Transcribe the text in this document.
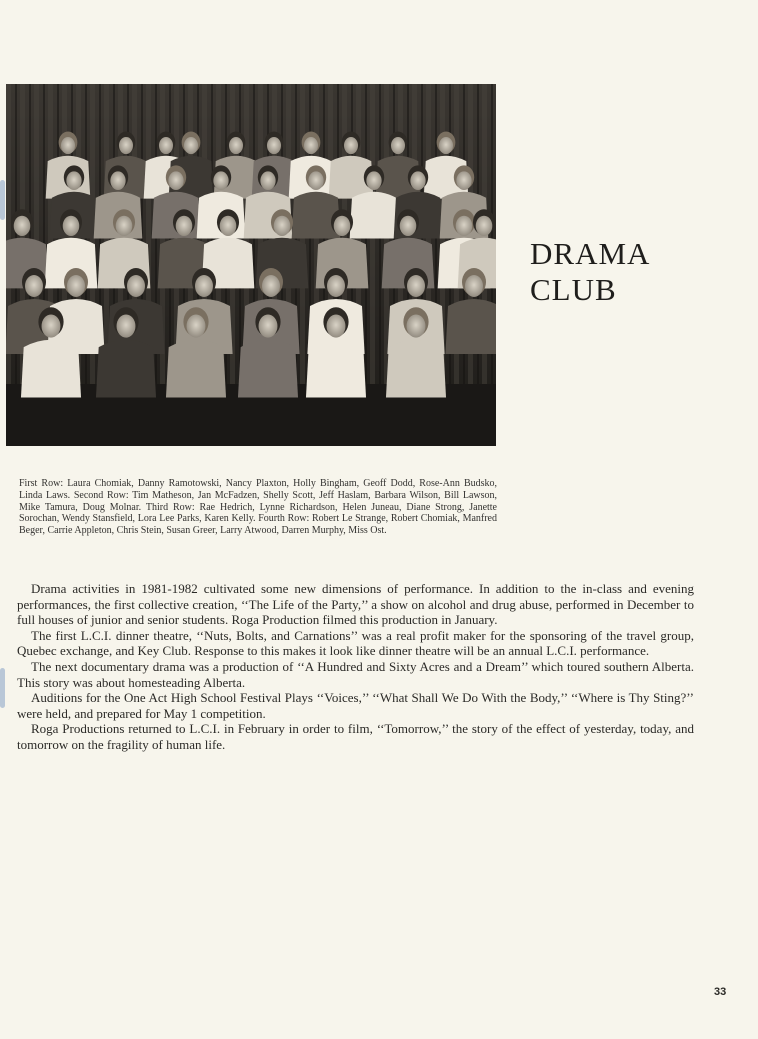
DRAMA
CLUB
First Row: Laura Chomiak, Danny Ramotowski, Nancy Plaxton, Holly Bingham, Geoff Dodd, Rose-Ann Budsko, Linda Laws. Second Row: Tim Matheson, Jan McFadzen, Shelly Scott, Jeff Haslam, Barbara Wilson, Bill Lawson, Mike Tamura, Doug Molnar. Third Row: Rae Hedrich, Lynne Richardson, Helen Juneau, Diane Strong, Janette Sorochan, Wendy Stansfield, Lora Lee Parks, Karen Kelly. Fourth Row: Robert Le Strange, Robert Chomiak, Manfred Beger, Carrie Appleton, Chris Stein, Susan Greer, Larry Atwood, Darren Murphy, Miss Ost.

Drama activities in 1981-1982 cultivated some new dimensions of performance. In addition to the in-class and evening performances, the first collective creation, ‘‘The Life of the Party,’’ a show on alcohol and drug abuse, performed in December to full houses of junior and senior students. Roga Production filmed this production in January.

The first L.C.I. dinner theatre, ‘‘Nuts, Bolts, and Carnations’’ was a real profit maker for the sponsoring of the travel group, Quebec exchange, and Key Club. Response to this makes it look like dinner theatre will be an annual L.C.I. performance.

The next documentary drama was a production of ‘‘A Hundred and Sixty Acres and a Dream’’ which toured southern Alberta. This story was about homesteading Alberta.

Auditions for the One Act High School Festival Plays ‘‘Voices,’’ ‘‘What Shall We Do With the Body,’’ ‘‘Where is Thy Sting?’’ were held, and prepared for May 1 competition.

Roga Productions returned to L.C.I. in February in order to film, ‘‘Tomorrow,’’ the story of the effect of yesterday, today, and tomorrow on the fragility of human life.

33
